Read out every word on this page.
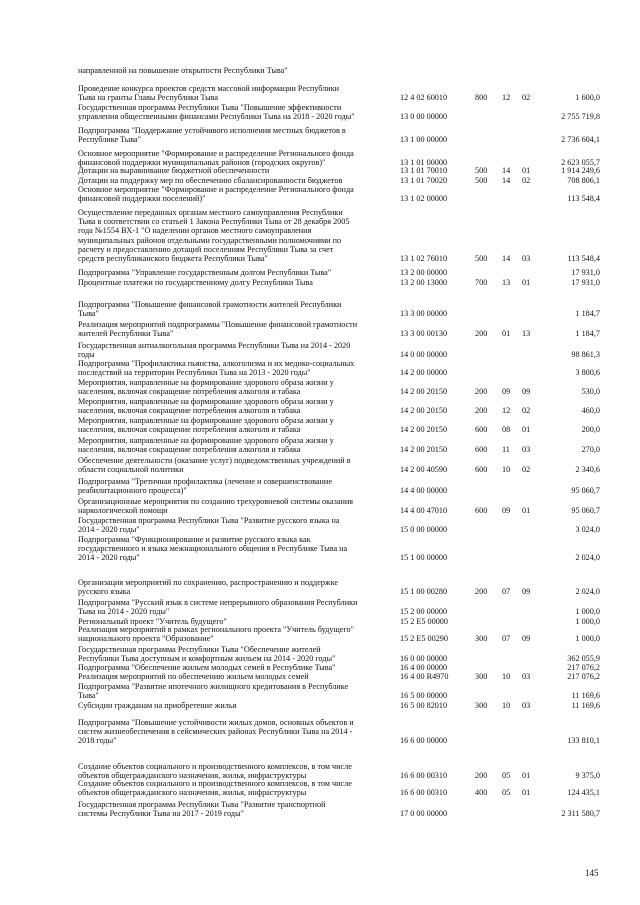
направленной на повышение открытости Республики Тыва"
Проведение конкурса проектов средств массовой информации Республики
Тыва на гранты Главы Республики Тыва	12 4 02 60010	800	12	02	1 600,0
Государственная программа Республики Тыва "Повышение эффективности
управления общественными финансами Республики Тыва на 2018 - 2020 годы"	13 0 00 00000	2 755 719,8
Подпрограмма "Поддержание устойчивого исполнения местных бюджетов в
Республике Тыва"	13 1 00 00000	2 736 604,1
Основное мероприятие "Формирование и распределение Регионального фонда
финансовой поддержки муниципальных районов (городских округов)"	13 1 01 00000	2 623 055,7
Дотации на выравнивание бюджетной обеспеченности	13 1 01 70010	500	14	01	1 914 249,6
Дотации на поддержку мер по обеспечению сбалансированности бюджетов	13 1 01 70020	500	14	02	708 806,1
Основное мероприятие "Формирование и распределение Регионального фонда
финансовой поддержки поселений)"	13 1 02 00000	113 548,4
Осуществление переданных органам местного самоуправления Республики
Тыва в соответствии со статьей 1 Закона Республики Тыва от 28 декабря 2005
года №1554 ВХ-1 "О наделении органов местного самоуправления
муниципальных районов отдельными государственными полномочиями по
расчету и предоставлению дотаций поселениям Республики Тыва за счет
средств республиканского бюджета Республики Тыва"	13 1 02 76010	500	14	03	113 548,4
Подпрограмма "Управление государственным долгом Республики Тыва"	13 2 00 00000	17 931,0
Процентные платежи по государственному долгу Республики Тыва	13 2 00 13000	700	13	01	17 931,0
Подпрограмма "Повышение финансовой грамотности жителей Республики
Тыва"	13 3 00 00000	1 184,7
Реализация мероприятий подпрограммы "Повышение финансовой грамотности
жителей Республики Тыва"	13 3 00 00130	200	01	13	1 184,7
Государственная антиалкогольная программа Республики Тыва на 2014 - 2020
годы	14 0 00 00000	98 861,3
Подпрограмма "Профилактика пьянства, алкоголизма и их медико-социальных
последствий на территории Республики Тыва на 2013 - 2020 годы"	14 2 00 00000	3 800,6
Мероприятия, направленные на формирование здорового образа жизни у
населения, включая сокращение потребления алкоголя и табака	14 2 00 20150	200	09	09	530,0
Мероприятия, направленные на формирование здорового образа жизни у
населения, включая сокращение потребления алкоголя и табака	14 2 00 20150	200	12	02	460,0
Мероприятия, направленные на формирование здорового образа жизни у
населения, включая сокращение потребления алкоголя и табака	14 2 00 20150	600	08	01	200,0
Мероприятия, направленные на формирование здорового образа жизни у
населения, включая сокращение потребления алкоголя и табака	14 2 00 20150	600	11	03	270,0
Обеспечение деятельности (оказание услуг) подведомственных учреждений в
области социальной политики	14 2 00 40590	600	10	02	2 340,6
Подпрограмма "Третичная профилактика (лечение и совершенствование
реабилитационного процесса)"	14 4 00 00000	95 060,7
Организационные мероприятия по созданию трехуровневой системы оказания
наркологической помощи	14 4 00 47010	600	09	01	95 060,7
Государственная программа Республики Тыва "Развитие русского языка на
2014 - 2020 годы"	15 0 00 00000	3 024,0
Подпрограмма "Функционирование и развитие русского языка как
государственного и языка межнационального общения в Республике Тыва на
2014 - 2020 годы"	15 1 00 00000	2 024,0
Организация мероприятий по сохранению, распространению и поддержке
русского языка	15 1 00 00280	200	07	09	2 024,0
Подпрограмма "Русский язык в системе непрерывного образования Республики
Тыва на 2014 - 2020 годы"	15 2 00 00000	1 000,0
Региональный проект "Учитель будущего"	15 2 E5 00000	1 000,0
Реализация мероприятий в рамках регионального проекта "Учитель будущего"
национального проекта "Образование"	15 2 E5 00290	300	07	09	1 000,0
Государственная программа Республики Тыва "Обеспечение жителей
Республики Тыва доступным и комфортным жильем на 2014 - 2020 годы"	16 0 00 00000	362 055,9
Подпрограмма "Обеспечение жильем молодых семей в Республике Тыва"	16 4 00 00000	217 076,2
Реализация мероприятий по обеспечению жильем молодых семей	16 4 00 R4970	300	10	03	217 076,2
Подпрограмма "Развитие ипотечного жилищного кредитования в Республике
Тыва"	16 5 00 00000	11 169,6
Субсидии гражданам на приобретение жилья	16 5 00 82010	300	10	03	11 169,6
Подпрограмма "Повышение устойчивости жилых домов, основных объектов и
систем жизнеобеспечения в сейсмических районах Республики Тыва на 2014 -
2018 годы"	16 6 00 00000	133 810,1
Создание объектов социального и производственного комплексов, в том числе
объектов общегражданского назначения, жилья, инфраструктуры	16 6 00 00310	200	05	01	9 375,0
Создание объектов социального и производственного комплексов, в том числе
объектов общегражданского назначения, жилья, инфраструктуры	16 6 00 00310	400	05	01	124 435,1
Государственная программа Республики Тыва "Развитие транспортной
системы Республики Тыва на 2017 - 2019 годы"	17 0 00 00000	2 311 580,7
145
